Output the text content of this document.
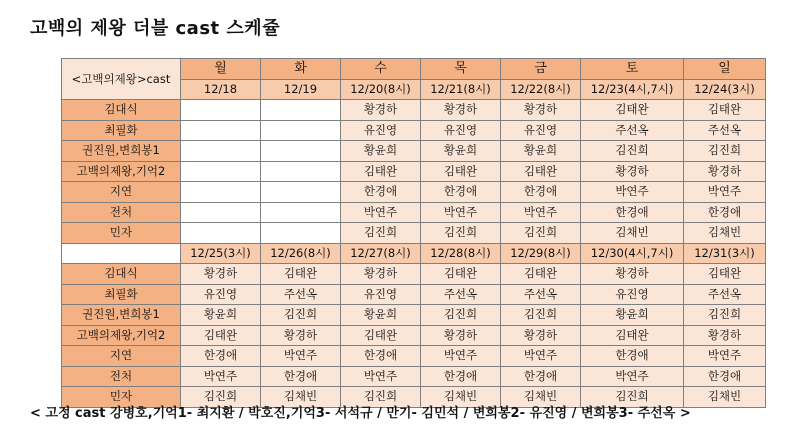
고백의 제왕 더블 cast 스케쥴
<고백의제왕>cast	월	화	수	목	금	토	일
	12/18	12/19	12/20(8시)	12/21(8시)	12/22(8시)	12/23(4시,7시)	12/24(3시)
김대식			황경하	황경하	황경하	김태완	김태완
최필화			유진영	유진영	유진영	주선옥	주선옥
권진원,변희봉1			황윤희	황윤희	황윤희	김진희	김진희
고백의제왕,기억2			김태완	김태완	김태완	황경하	황경하
지연			한경애	한경애	한경애	박연주	박연주
전처			박연주	박연주	박연주	한경애	한경애
민자			김진희	김진희	김진희	김채빈	김채빈
	12/25(3시)	12/26(8시)	12/27(8시)	12/28(8시)	12/29(8시)	12/30(4시,7시)	12/31(3시)
김대식	황경하	김태완	황경하	김태완	김태완	황경하	김태완
최필화	유진영	주선옥	유진영	주선옥	주선옥	유진영	주선옥
권진원,변희봉1	황윤희	김진희	황윤희	김진희	김진희	황윤희	김진희
고백의제왕,기억2	김태완	황경하	김태완	황경하	황경하	김태완	황경하
지연	한경애	박연주	한경애	박연주	박연주	한경애	박연주
전처	박연주	한경애	박연주	한경애	한경애	박연주	한경애
민자	김진희	김채빈	김진희	김채빈	김채빈	김진희	김채빈
< 고정 cast 강병호,기억1- 최지환 / 박호진,기억3- 서석규 / 만기- 김민석 / 변희봉2- 유진영 / 변희봉3- 주선옥 >
